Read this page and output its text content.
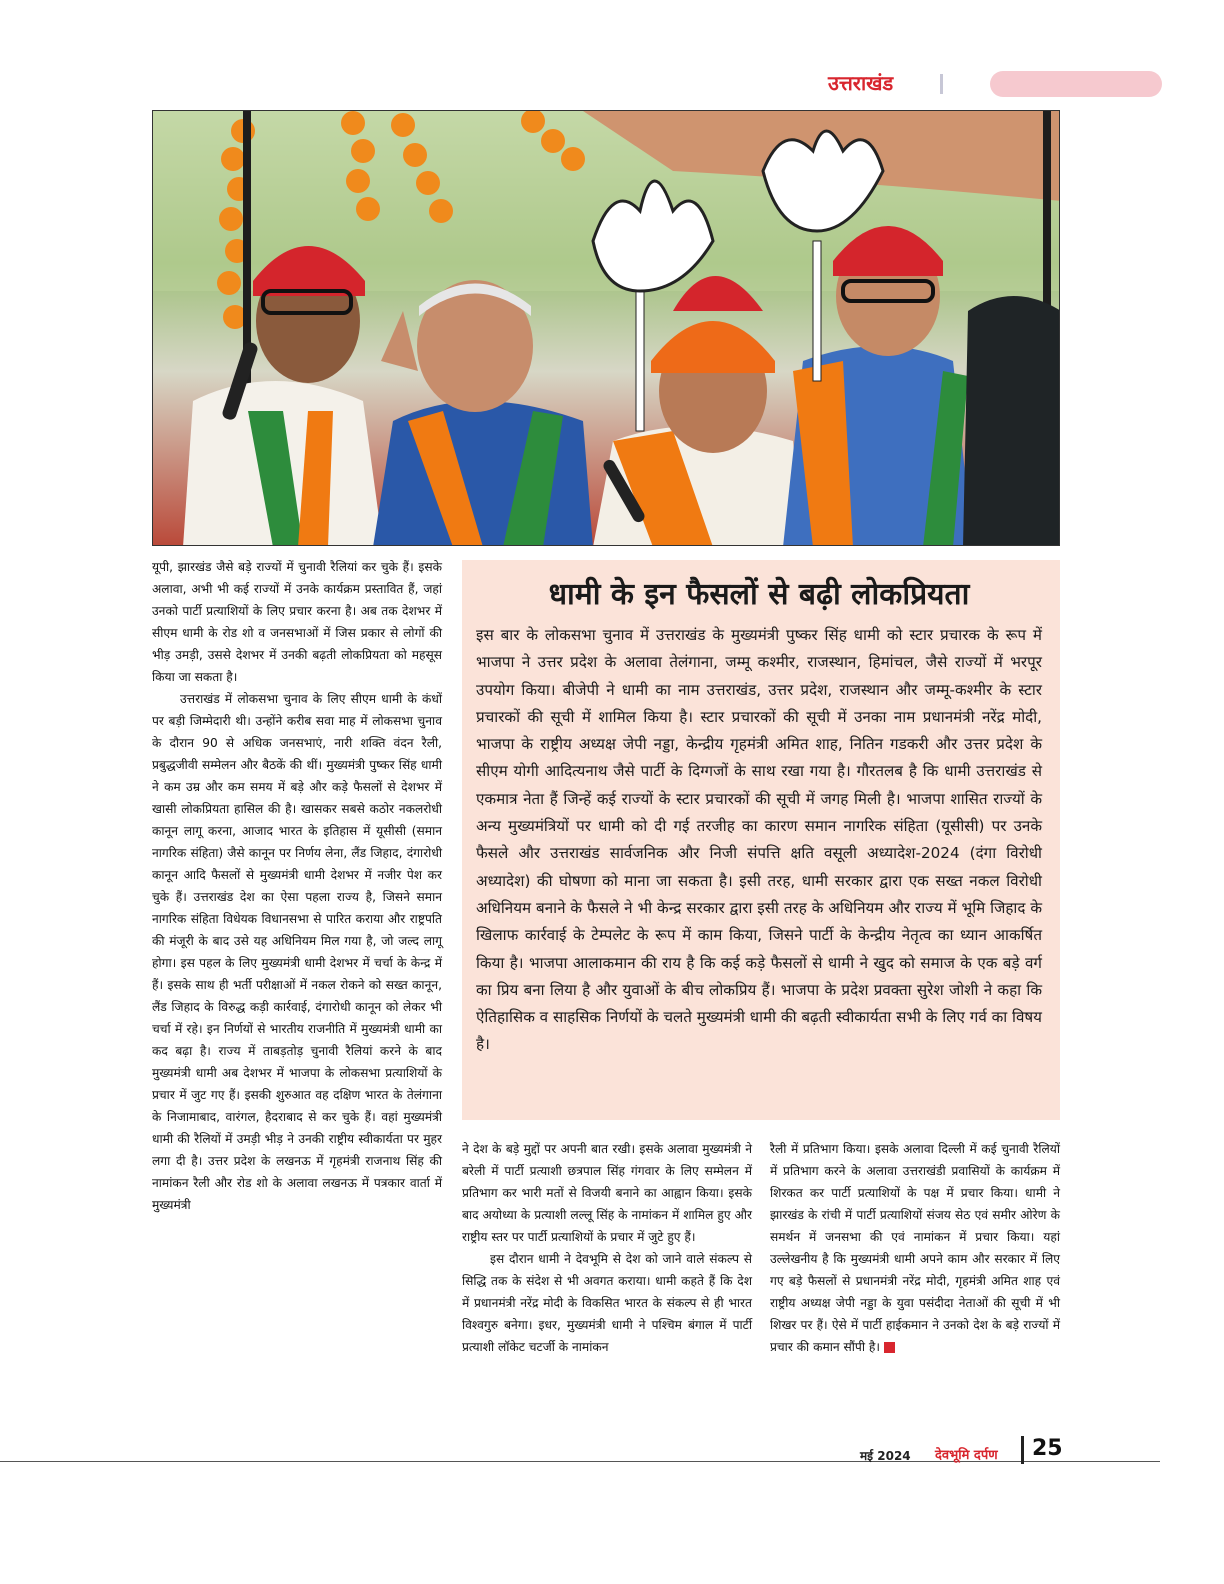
उत्तराखंड

यूपी, झारखंड जैसे बड़े राज्यों में चुनावी रैलियां कर चुके हैं। इसके अलावा, अभी भी कई राज्यों में उनके कार्यक्रम प्रस्तावित हैं, जहां उनको पार्टी प्रत्याशियों के लिए प्रचार करना है। अब तक देशभर में सीएम धामी के रोड शो व जनसभाओं में जिस प्रकार से लोगों की भीड़ उमड़ी, उससे देशभर में उनकी बढ़ती लोकप्रियता को महसूस किया जा सकता है।

उत्तराखंड में लोकसभा चुनाव के लिए सीएम धामी के कंधों पर बड़ी जिम्मेदारी थी। उन्होंने करीब सवा माह में लोकसभा चुनाव के दौरान 90 से अधिक जनसभाएं, नारी शक्ति वंदन रैली, प्रबुद्धजीवी सम्मेलन और बैठकें की थीं। मुख्यमंत्री पुष्कर सिंह धामी ने कम उम्र और कम समय में बड़े और कड़े फैसलों से देशभर में खासी लोकप्रियता हासिल की है। खासकर सबसे कठोर नकलरोधी कानून लागू करना, आजाद भारत के इतिहास में यूसीसी (समान नागरिक संहिता) जैसे कानून पर निर्णय लेना, लैंड जिहाद, दंगारोधी कानून आदि फैसलों से मुख्यमंत्री धामी देशभर में नजीर पेश कर चुके हैं। उत्तराखंड देश का ऐसा पहला राज्य है, जिसने समान नागरिक संहिता विधेयक विधानसभा से पारित कराया और राष्ट्रपति की मंजूरी के बाद उसे यह अधिनियम मिल गया है, जो जल्द लागू होगा। इस पहल के लिए मुख्यमंत्री धामी देशभर में चर्चा के केन्द्र में हैं। इसके साथ ही भर्ती परीक्षाओं में नकल रोकने को सख्त कानून, लैंड जिहाद के विरुद्ध कड़ी कार्रवाई, दंगारोधी कानून को लेकर भी चर्चा में रहे। इन निर्णयों से भारतीय राजनीति में मुख्यमंत्री धामी का कद बढ़ा है। राज्य में ताबड़तोड़ चुनावी रैलियां करने के बाद मुख्यमंत्री धामी अब देशभर में भाजपा के लोकसभा प्रत्याशियों के प्रचार में जुट गए हैं। इसकी शुरुआत वह दक्षिण भारत के तेलंगाना के निजामाबाद, वारंगल, हैदराबाद से कर चुके हैं। वहां मुख्यमंत्री धामी की रैलियों में उमड़ी भीड़ ने उनकी राष्ट्रीय स्वीकार्यता पर मुहर लगा दी है। उत्तर प्रदेश के लखनऊ में गृहमंत्री राजनाथ सिंह की नामांकन रैली और रोड शो के अलावा लखनऊ में पत्रकार वार्ता में मुख्यमंत्री

धामी के इन फैसलों से बढ़ी लोकप्रियता

इस बार के लोकसभा चुनाव में उत्तराखंड के मुख्यमंत्री पुष्कर सिंह धामी को स्टार प्रचारक के रूप में भाजपा ने उत्तर प्रदेश के अलावा तेलंगाना, जम्मू कश्मीर, राजस्थान, हिमांचल, जैसे राज्यों में भरपूर उपयोग किया। बीजेपी ने धामी का नाम उत्तराखंड, उत्तर प्रदेश, राजस्थान और जम्मू-कश्मीर के स्टार प्रचारकों की सूची में शामिल किया है। स्टार प्रचारकों की सूची में उनका नाम प्रधानमंत्री नरेंद्र मोदी, भाजपा के राष्ट्रीय अध्यक्ष जेपी नड्डा, केन्द्रीय गृहमंत्री अमित शाह, नितिन गडकरी और उत्तर प्रदेश के सीएम योगी आदित्यनाथ जैसे पार्टी के दिग्गजों के साथ रखा गया है। गौरतलब है कि धामी उत्तराखंड से एकमात्र नेता हैं जिन्हें कई राज्यों के स्टार प्रचारकों की सूची में जगह मिली है। भाजपा शासित राज्यों के अन्य मुख्यमंत्रियों पर धामी को दी गई तरजीह का कारण समान नागरिक संहिता (यूसीसी) पर उनके फैसले और उत्तराखंड सार्वजनिक और निजी संपत्ति क्षति वसूली अध्यादेश-2024 (दंगा विरोधी अध्यादेश) की घोषणा को माना जा सकता है। इसी तरह, धामी सरकार द्वारा एक सख्त नकल विरोधी अधिनियम बनाने के फैसले ने भी केन्द्र सरकार द्वारा इसी तरह के अधिनियम और राज्य में भूमि जिहाद के खिलाफ कार्रवाई के टेम्पलेट के रूप में काम किया, जिसने पार्टी के केन्द्रीय नेतृत्व का ध्यान आकर्षित किया है। भाजपा आलाकमान की राय है कि कई कड़े फैसलों से धामी ने खुद को समाज के एक बड़े वर्ग का प्रिय बना लिया है और युवाओं के बीच लोकप्रिय हैं। भाजपा के प्रदेश प्रवक्ता सुरेश जोशी ने कहा कि ऐतिहासिक व साहसिक निर्णयों के चलते मुख्यमंत्री धामी की बढ़ती स्वीकार्यता सभी के लिए गर्व का विषय है।

ने देश के बड़े मुद्दों पर अपनी बात रखी। इसके अलावा मुख्यमंत्री ने बरेली में पार्टी प्रत्याशी छत्रपाल सिंह गंगवार के लिए सम्मेलन में प्रतिभाग कर भारी मतों से विजयी बनाने का आह्वान किया। इसके बाद अयोध्या के प्रत्याशी लल्लू सिंह के नामांकन में शामिल हुए और राष्ट्रीय स्तर पर पार्टी प्रत्याशियों के प्रचार में जुटे हुए हैं।

इस दौरान धामी ने देवभूमि से देश को जाने वाले संकल्प से सिद्धि तक के संदेश से भी अवगत कराया। धामी कहते हैं कि देश में प्रधानमंत्री नरेंद्र मोदी के विकसित भारत के संकल्प से ही भारत विश्वगुरु बनेगा। इधर, मुख्यमंत्री धामी ने पश्चिम बंगाल में पार्टी प्रत्याशी लॉकेट चटर्जी के नामांकन

रैली में प्रतिभाग किया। इसके अलावा दिल्ली में कई चुनावी रैलियों में प्रतिभाग करने के अलावा उत्तराखंडी प्रवासियों के कार्यक्रम में शिरकत कर पार्टी प्रत्याशियों के पक्ष में प्रचार किया। धामी ने झारखंड के रांची में पार्टी प्रत्याशियों संजय सेठ एवं समीर ओरेण के समर्थन में जनसभा की एवं नामांकन में प्रचार किया। यहां उल्लेखनीय है कि मुख्यमंत्री धामी अपने काम और सरकार में लिए गए बड़े फैसलों से प्रधानमंत्री नरेंद्र मोदी, गृहमंत्री अमित शाह एवं राष्ट्रीय अध्यक्ष जेपी नड्डा के युवा पसंदीदा नेताओं की सूची में भी शिखर पर हैं। ऐसे में पार्टी हाईकमान ने उनको देश के बड़े राज्यों में प्रचार की कमान सौंपी है।

मई 2024 देवभूमि दर्पण 25
